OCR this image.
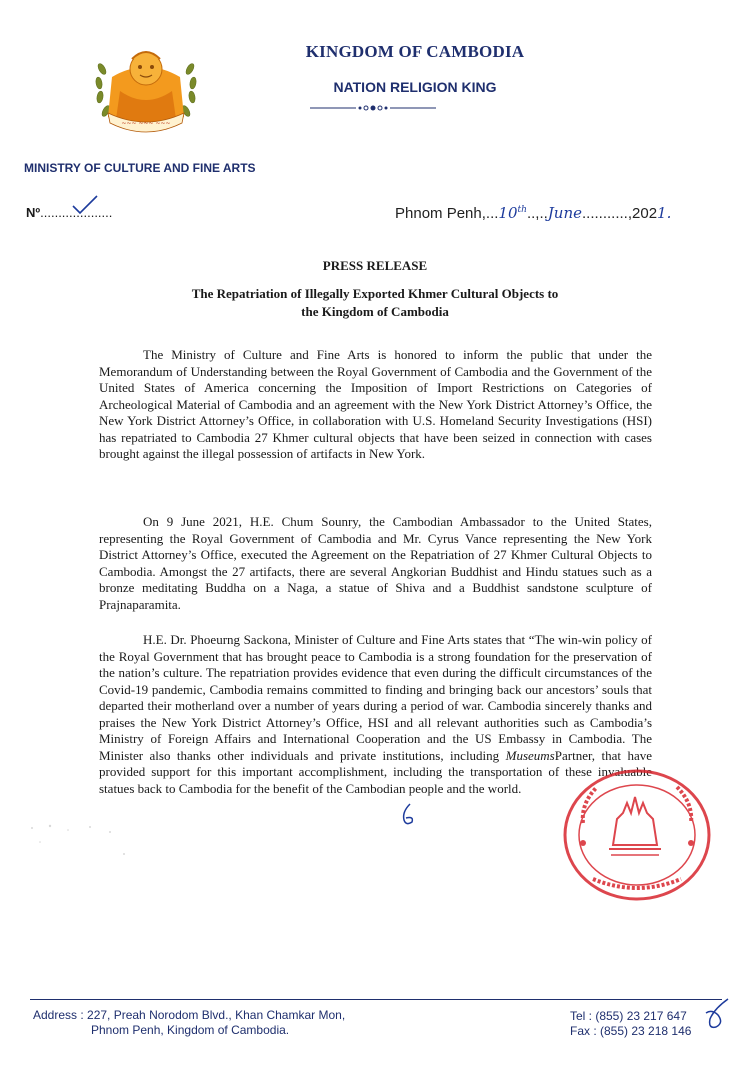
~~~ ~~~ ~~~
KINGDOM OF CAMBODIA
NATION RELIGION KING
MINISTRY OF CULTURE AND FINE ARTS
Nº....................	Phnom Penh,...10th..,..June...........,2021.
PRESS RELEASE
The Repatriation of Illegally Exported Khmer Cultural Objects to
the Kingdom of Cambodia
The Ministry of Culture and Fine Arts is honored to inform the public that under the Memorandum of Understanding between the Royal Government of Cambodia and the Government of the United States of America concerning the Imposition of Import Restrictions on Categories of Archeological Material of Cambodia and an agreement with the New York District Attorney’s Office, the New York District Attorney’s Office, in collaboration with U.S. Homeland Security Investigations (HSI) has repatriated to Cambodia 27 Khmer cultural objects that have been seized in connection with cases brought against the illegal possession of artifacts in New York.
On 9 June 2021, H.E. Chum Sounry, the Cambodian Ambassador to the United States, representing the Royal Government of Cambodia and Mr. Cyrus Vance representing the New York District Attorney’s Office, executed the Agreement on the Repatriation of 27 Khmer Cultural Objects to Cambodia. Amongst the 27 artifacts, there are several Angkorian Buddhist and Hindu statues such as a bronze meditating Buddha on a Naga, a statue of Shiva and a Buddhist sandstone sculpture of Prajnaparamita.
H.E. Dr. Phoeurng Sackona, Minister of Culture and Fine Arts states that “The win-win policy of the Royal Government that has brought peace to Cambodia is a strong foundation for the preservation of the nation’s culture. The repatriation provides evidence that even during the difficult circumstances of the Covid-19 pandemic, Cambodia remains committed to finding and bringing back our ancestors’ souls that departed their motherland over a number of years during a period of war. Cambodia sincerely thanks and praises the New York District Attorney’s Office, HSI and all relevant authorities such as Cambodia’s Ministry of Foreign Affairs and International Cooperation and the US Embassy in Cambodia. The Minister also thanks other individuals and private institutions, including MuseumsPartner, that have provided support for this important accomplishment, including the transportation of these invaluable statues back to Cambodia for the benefit of the Cambodian people and the world.
Address : 227, Preah Norodom Blvd., Khan Chamkar Mon,
Phnom Penh, Kingdom of Cambodia.
Tel : (855) 23 217 647
Fax : (855) 23 218 146
